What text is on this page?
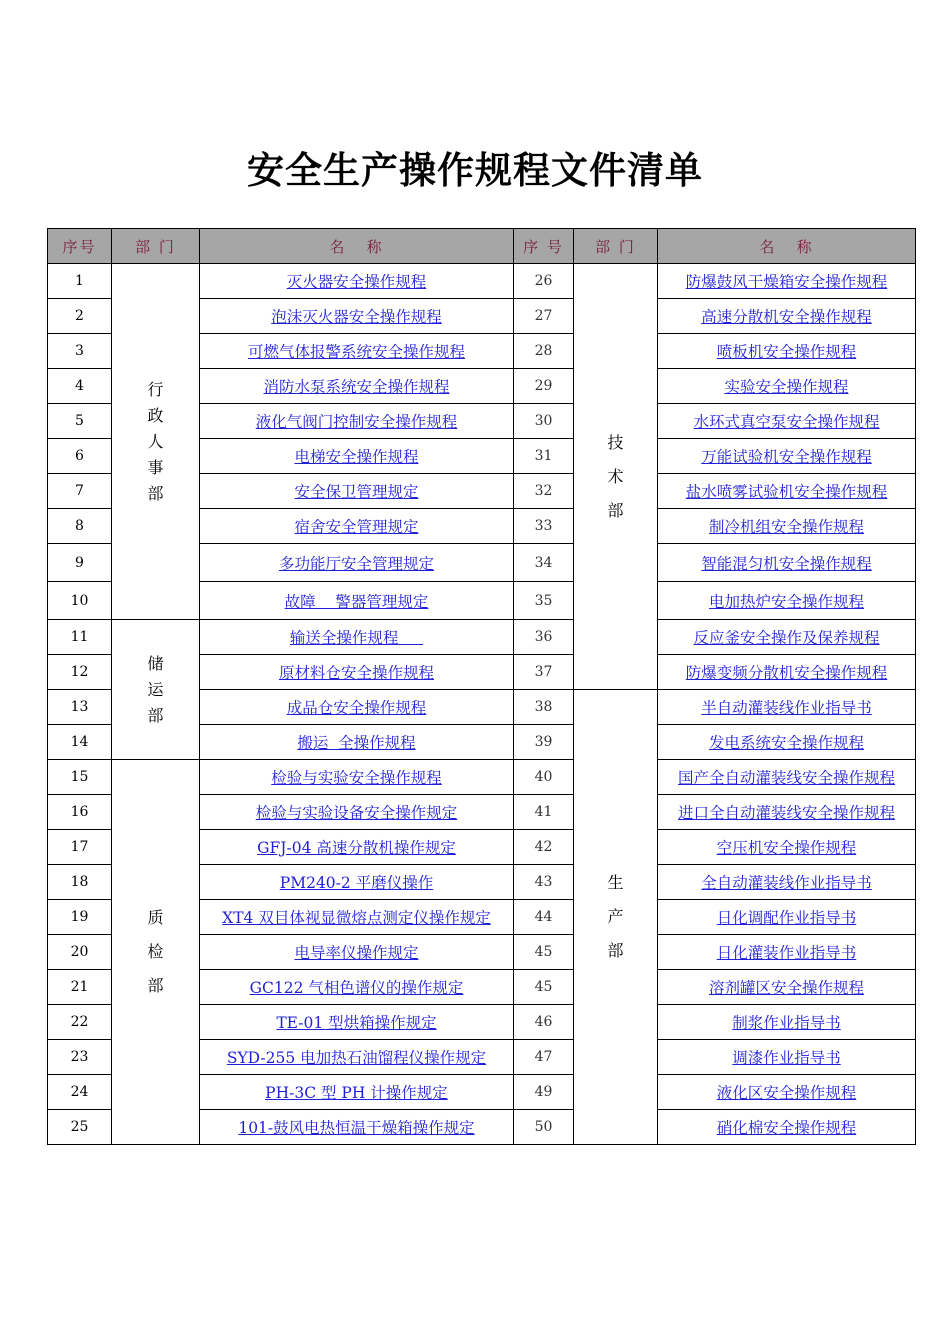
安全生产操作规程文件清单
序号	部 门	名   称	序 号	部 门	名   称
1	行政人事部	灭火器安全操作规程	26	技术部	防爆鼓风干燥箱安全操作规程
2		泡沫灭火器安全操作规程	27		高速分散机安全操作规程
3		可燃气体报警系统安全操作规程	28		喷板机安全操作规程
4		消防水泵系统安全操作规程	29		实验安全操作规程
5		液化气阀门控制安全操作规程	30		水环式真空泵安全操作规程
6		电梯安全操作规程	31		万能试验机安全操作规程
7		安全保卫管理规定	32		盐水喷雾试验机安全操作规程
8		宿舍安全管理规定	33		制冷机组安全操作规程
9		多功能厅安全管理规定	34		智能混匀机安全操作规程
10		故障    警器管理规定	35		电加热炉安全操作规程
11	储运部	输送全操作规程	36		反应釜安全操作及保养规程
12		原材料仓安全操作规程	37		防爆变频分散机安全操作规程
13		成品仓安全操作规程	38	生产部	半自动灌装线作业指导书
14		搬运  全操作规程	39		发电系统安全操作规程
15	质检部	检验与实验安全操作规程	40		国产全自动灌装线安全操作规程
16		检验与实验设备安全操作规定	41		进口全自动灌装线安全操作规程
17		GFJ-04 高速分散机操作规定	42		空压机安全操作规程
18		PM240-2 平磨仪操作	43		全自动灌装线作业指导书
19		XT4 双目体视显微熔点测定仪操作规定	44		日化调配作业指导书
20		电导率仪操作规定	45		日化灌装作业指导书
21		GC122 气相色谱仪的操作规定	45		溶剂罐区安全操作规程
22		TE-01 型烘箱操作规定	46		制浆作业指导书
23		SYD-255 电加热石油馏程仪操作规定	47		调漆作业指导书
24		PH-3C 型 PH 计操作规定	49		液化区安全操作规程
25		101-鼓风电热恒温干燥箱操作规定	50		硝化棉安全操作规程
